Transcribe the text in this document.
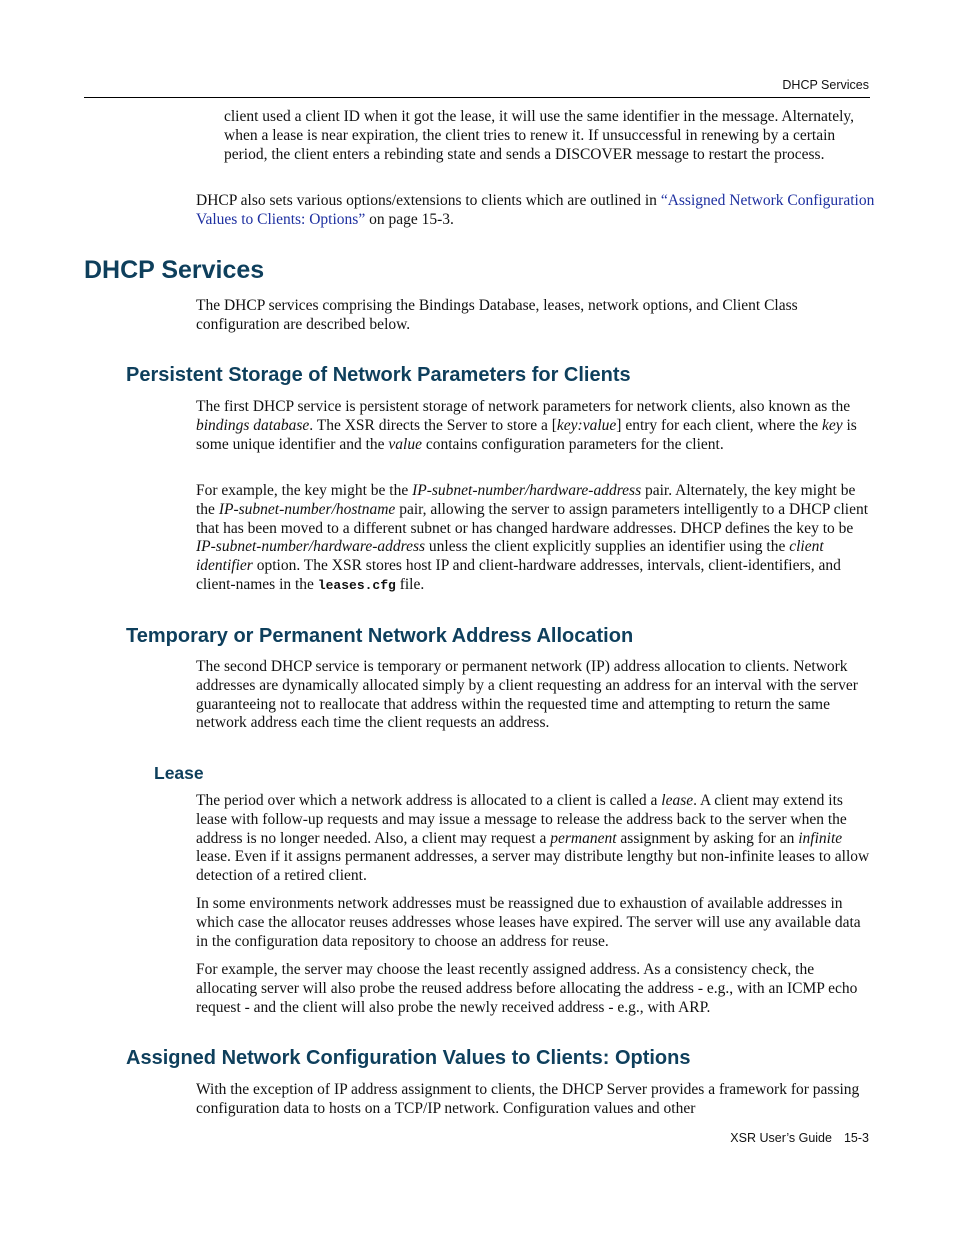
DHCP Services

client used a client ID when it got the lease, it will use the same identifier in the message. Alternately, when a lease is near expiration, the client tries to renew it. If unsuccessful in renewing by a certain period, the client enters a rebinding state and sends a DISCOVER message to restart the process.

DHCP also sets various options/extensions to clients which are outlined in “Assigned Network Configuration Values to Clients: Options” on page 15-3.

DHCP Services

The DHCP services comprising the Bindings Database, leases, network options, and Client Class configuration are described below.

Persistent Storage of Network Parameters for Clients

The first DHCP service is persistent storage of network parameters for network clients, also known as the bindings database. The XSR directs the Server to store a [key:value] entry for each client, where the key is some unique identifier and the value contains configuration parameters for the client.

For example, the key might be the IP-subnet-number/hardware-address pair. Alternately, the key might be the IP-subnet-number/hostname pair, allowing the server to assign parameters intelligently to a DHCP client that has been moved to a different subnet or has changed hardware addresses. DHCP defines the key to be IP-subnet-number/hardware-address unless the client explicitly supplies an identifier using the client identifier option. The XSR stores host IP and client-hardware addresses, intervals, client-identifiers, and client-names in the leases.cfg file.

Temporary or Permanent Network Address Allocation

The second DHCP service is temporary or permanent network (IP) address allocation to clients. Network addresses are dynamically allocated simply by a client requesting an address for an interval with the server guaranteeing not to reallocate that address within the requested time and attempting to return the same network address each time the client requests an address.

Lease

The period over which a network address is allocated to a client is called a lease. A client may extend its lease with follow-up requests and may issue a message to release the address back to the server when the address is no longer needed. Also, a client may request a permanent assignment by asking for an infinite lease. Even if it assigns permanent addresses, a server may distribute lengthy but non-infinite leases to allow detection of a retired client.

In some environments network addresses must be reassigned due to exhaustion of available addresses in which case the allocator reuses addresses whose leases have expired. The server will use any available data in the configuration data repository to choose an address for reuse.

For example, the server may choose the least recently assigned address. As a consistency check, the allocating server will also probe the reused address before allocating the address - e.g., with an ICMP echo request - and the client will also probe the newly received address - e.g., with ARP.

Assigned Network Configuration Values to Clients: Options

With the exception of IP address assignment to clients, the DHCP Server provides a framework for passing configuration data to hosts on a TCP/IP network. Configuration values and other

XSR User’s Guide 15-3
